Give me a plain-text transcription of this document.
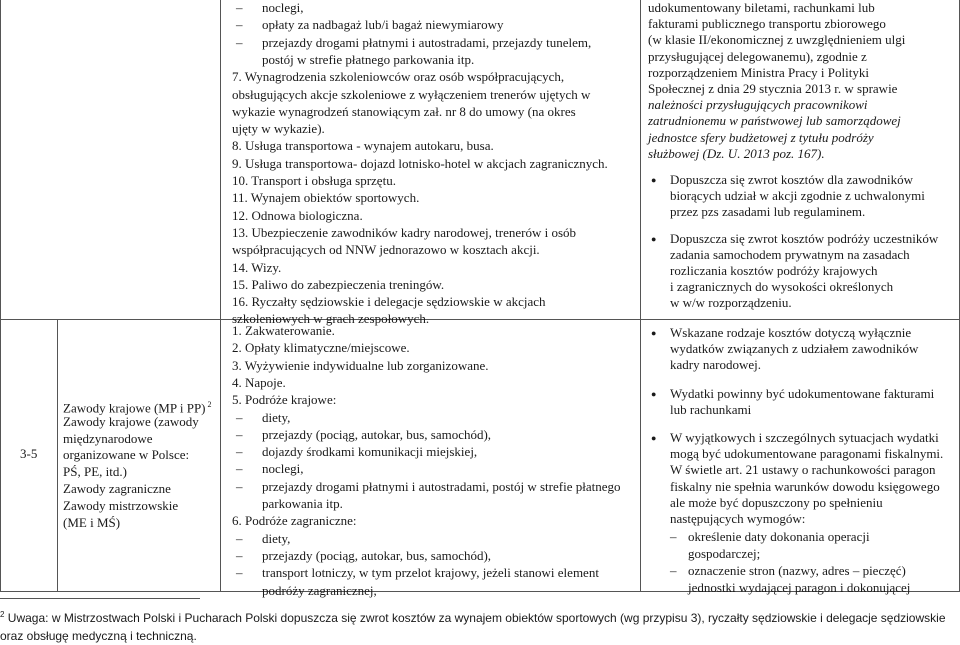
– noclegi,
– opłaty za nadbagaż lub/i bagaż niewymiarowy
– przejazdy drogami płatnymi i autostradami, przejazdy tunelem,
postój w strefie płatnego parkowania itp.
7. Wynagrodzenia szkoleniowców oraz osób współpracujących,
obsługujących akcje szkoleniowe z wyłączeniem trenerów ujętych w
wykazie wynagrodzeń stanowiącym zał. nr 8 do umowy (na okres
ujęty w wykazie).
8. Usługa transportowa - wynajem autokaru, busa.
9. Usługa transportowa- dojazd lotnisko-hotel w akcjach zagranicznych.
10. Transport i obsługa sprzętu.
11. Wynajem obiektów sportowych.
12. Odnowa biologiczna.
13. Ubezpieczenie zawodników kadry narodowej, trenerów i osób
współpracujących od NNW jednorazowo w kosztach akcji.
14. Wizy.
15. Paliwo do zabezpieczenia treningów.
16. Ryczałty sędziowskie i delegacje sędziowskie w akcjach
szkoleniowych w grach zespołowych.
udokumentowany biletami, rachunkami lub
fakturami publicznego transportu zbiorowego
(w klasie II/ekonomicznej z uwzględnieniem ulgi
przysługującej delegowanemu), zgodnie z
rozporządzeniem Ministra Pracy i Polityki
Społecznej z dnia 29 stycznia 2013 r. w sprawie
należności przysługujących pracownikowi
zatrudnionemu w państwowej lub samorządowej
jednostce sfery budżetowej z tytułu podróży
służbowej (Dz. U. 2013 poz. 167).
● Dopuszcza się zwrot kosztów dla zawodników
biorących udział w akcji zgodnie z uchwalonymi
przez pzs zasadami lub regulaminem.
● Dopuszcza się zwrot kosztów podróży uczestników
zadania samochodem prywatnym na zasadach
rozliczania kosztów podróży krajowych
i zagranicznych do wysokości określonych
w w/w rozporządzeniu.
3-5
Zawody krajowe (MP i PP) $^2$
Zawody krajowe (zawody
międzynarodowe
organizowane w Polsce:
PŚ, PE, itd.)
Zawody zagraniczne
Zawody mistrzowskie
(ME i MŚ)
1. Zakwaterowanie.
2. Opłaty klimatyczne/miejscowe.
3. Wyżywienie indywidualne lub zorganizowane.
4. Napoje.
5. Podróże krajowe:
– diety,
– przejazdy (pociąg, autokar, bus, samochód),
– dojazdy środkami komunikacji miejskiej,
– noclegi,
– przejazdy drogami płatnymi i autostradami, postój w strefie płatnego
parkowania itp.
6. Podróże zagraniczne:
– diety,
– przejazdy (pociąg, autokar, bus, samochód),
– transport lotniczy, w tym przelot krajowy, jeżeli stanowi element
podróży zagranicznej,
● Wskazane rodzaje kosztów dotyczą wyłącznie
wydatków związanych z udziałem zawodników
kadry narodowej.
● Wydatki powinny być udokumentowane fakturami
lub rachunkami
● W wyjątkowych i szczególnych sytuacjach wydatki
mogą być udokumentowane paragonami fiskalnymi.
W świetle art. 21 ustawy o rachunkowości paragon
fiskalny nie spełnia warunków dowodu księgowego
ale może być dopuszczony po spełnieniu
następujących wymogów:
– określenie daty dokonania operacji
gospodarczej;
– oznaczenie stron (nazwy, adres – pieczęć)
jednostki wydającej paragon i dokonującej
$^2$ Uwaga: w Mistrzostwach Polski i Pucharach Polski dopuszcza się zwrot kosztów za wynajem obiektów sportowych (wg przypisu 3), ryczałty sędziowskie i delegacje sędziowskie
oraz obsługę medyczną i techniczną.
